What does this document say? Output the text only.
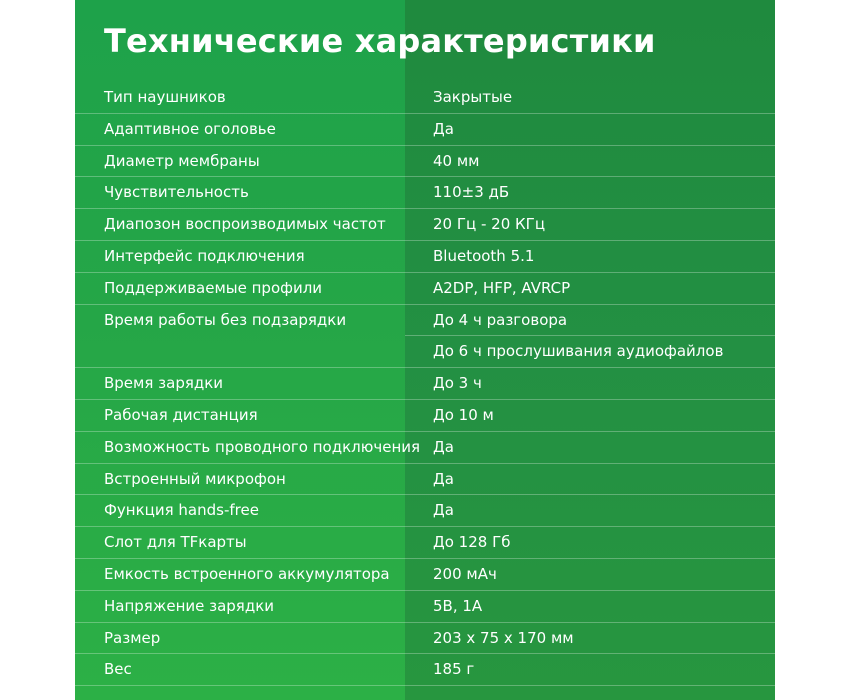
Технические характеристики
Тип наушников	Закрытые
Адаптивное оголовье	Да
Диаметр мембраны	40 мм
Чувствительность	110±3 дБ
Диапозон воспроизводимых частот	20 Гц - 20 КГц
Интерфейс подключения	Bluetooth 5.1
Поддерживаемые профили	A2DP, HFP, AVRCP
Время работы без подзарядки	До 4 ч разговора
До 6 ч прослушивания аудиофайлов
Время зарядки	До 3 ч
Рабочая дистанция	До 10 м
Возможность проводного подключения Да
Встроенный микрофон	Да
Функция hands-free	Да
Слот для TFкарты	До 128 Гб
Емкость встроенного аккумулятора	200 мАч
Напряжение зарядки	5В, 1А
Размер	203 x 75 x 170 мм
Вес	185 г
